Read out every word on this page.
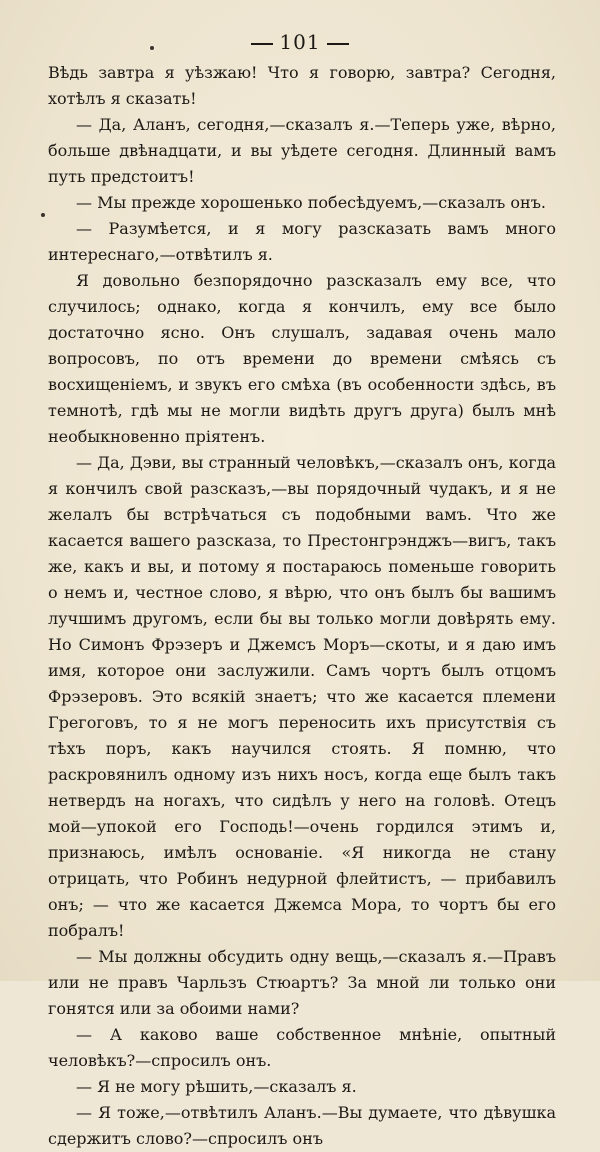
101

Вѣдь завтра я уѣзжаю! Что я говорю, завтра? Сегодня, хотѣлъ я сказать!

— Да, Аланъ, сегодня,—сказалъ я.—Теперь уже, вѣрно, больше двѣнадцати, и вы уѣдете сегодня. Длинный вамъ путь предстоитъ!

— Мы прежде хорошенько побесѣдуемъ,—сказалъ онъ.

— Разумѣется, и я могу разсказать вамъ много интереснаго,—отвѣтилъ я.

Я довольно безпорядочно разсказалъ ему все, что случилось; однако, когда я кончилъ, ему все было достаточно ясно. Онъ слушалъ, задавая очень мало вопросовъ, по отъ времени до времени смѣясь съ восхищеніемъ, и звукъ его смѣха (въ особенности здѣсь, въ темнотѣ, гдѣ мы не могли видѣть другъ друга) былъ мнѣ необыкновенно пріятенъ.

— Да, Дэви, вы странный человѣкъ,—сказалъ онъ, когда я кончилъ свой разсказъ,—вы порядочный чудакъ, и я не желалъ бы встрѣчаться съ подобными вамъ. Что же касается вашего разсказа, то Престонгрэнджъ—вигъ, такъ же, какъ и вы, и потому я постараюсь поменьше говорить о немъ и, честное слово, я вѣрю, что онъ былъ бы вашимъ лучшимъ другомъ, если бы вы только могли довѣрять ему. Но Симонъ Фрэзеръ и Джемсъ Моръ—скоты, и я даю имъ имя, которое они заслужили. Самъ чортъ былъ отцомъ Фрэзеровъ. Это всякій знаетъ; что же касается племени Грегоговъ, то я не могъ переносить ихъ присутствія съ тѣхъ поръ, какъ научился стоять. Я помню, что раскровянилъ одному изъ нихъ носъ, когда еще былъ такъ нетвердъ на ногахъ, что сидѣлъ у него на головѣ. Отецъ мой—упокой его Господь!—очень гордился этимъ и, признаюсь, имѣлъ основаніе. «Я никогда не стану отрицать, что Робинъ недурной флейтистъ, — прибавилъ онъ; — что же касается Джемса Мора, то чортъ бы его побралъ!

— Мы должны обсудить одну вещь,—сказалъ я.—Правъ или не правъ Чарльзъ Стюартъ? За мной ли только они гонятся или за обоими нами?

— А каково ваше собственное мнѣніе, опытный человѣкъ?—спросилъ онъ.

— Я не могу рѣшить,—сказалъ я.

— Я тоже,—отвѣтилъ Аланъ.—Вы думаете, что дѣвушка сдержитъ слово?—спросилъ онъ
